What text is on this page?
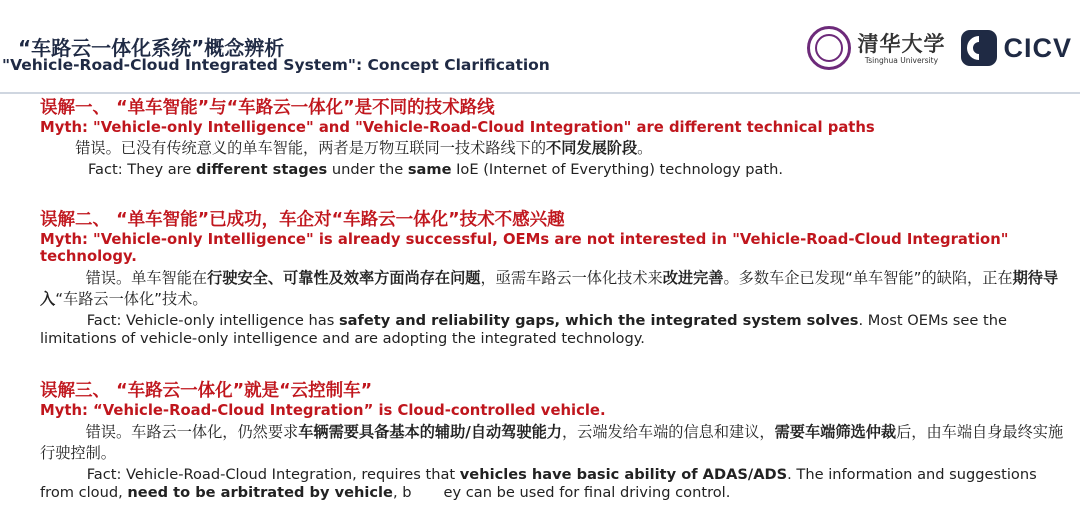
“车路云一体化系统”概念辨析
"Vehicle-Road-Cloud Integrated System": Concept Clarification
清华大学
Tsinghua University CICV
误解一、 “单车智能”与“车路云一体化”是不同的技术路线
Myth: "Vehicle-only Intelligence" and "Vehicle-Road-Cloud Integration" are different technical paths
错误。已没有传统意义的单车智能，两者是万物互联同一技术路线下的不同发展阶段。
Fact: They are different stages under the same IoE (Internet of Everything) technology path.
误解二、 “单车智能”已成功，车企对“车路云一体化”技术不感兴趣
Myth: "Vehicle-only Intelligence" is already successful, OEMs are not interested in "Vehicle-Road-Cloud Integration" technology.
错误。单车智能在行驶安全、可靠性及效率方面尚存在问题，亟需车路云一体化技术来改进完善。多数车企已发现“单车智能”的缺陷，正在期待导入“车路云一体化”技术。
Fact: Vehicle-only intelligence has safety and reliability gaps, which the integrated system solves. Most OEMs see the limitations of vehicle-only intelligence and are adopting the integrated technology.
误解三、 “车路云一体化”就是“云控制车”
Myth: “Vehicle-Road-Cloud Integration” is Cloud-controlled vehicle.
错误。车路云一体化，仍然要求车辆需要具备基本的辅助/自动驾驶能力，云端发给车端的信息和建议，需要车端筛选仲裁后，由车端自身最终实施行驶控制。
Fact: Vehicle-Road-Cloud Integration, requires that vehicles have basic ability of ADAS/ADS. The information and suggestions from cloud, need to be arbitrated by vehicle, b ey can be used for final driving control.
